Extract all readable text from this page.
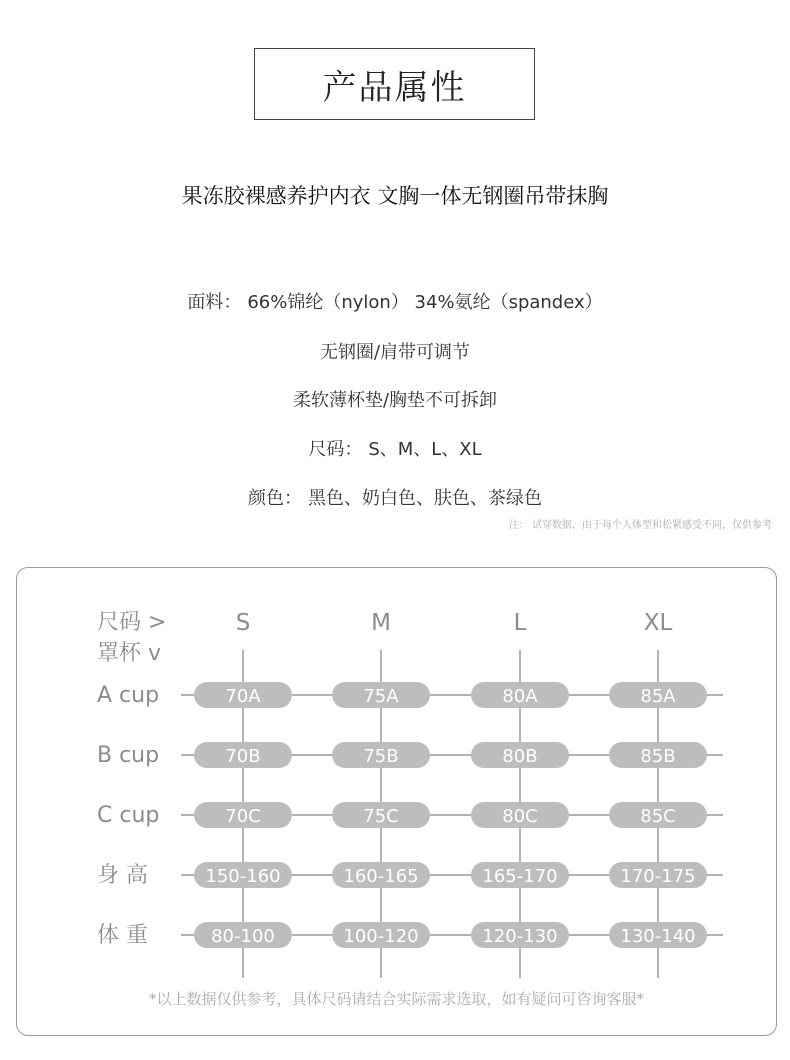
产品属性
果冻胶裸感养护内衣 文胸一体无钢圈吊带抹胸
面料： 66%锦纶（nylon） 34%氨纶（spandex）
无钢圈/肩带可调节
柔软薄杯垫/胸垫不可拆卸
尺码： S、M、L、XL
颜色： 黑色、奶白色、肤色、茶绿色
注： 试穿数据，由于每个人体型和松紧感受不同，仅供参考
尺码 >
罩杯 v
S	M	L	XL
A cup	70A	75A	80A	85A
B cup	70B	75B	80B	85B
C cup	70C	75C	80C	85C
身 高	150-160	160-165	165-170	170-175
体 重	80-100	100-120	120-130	130-140
*以上数据仅供参考，具体尺码请结合实际需求选取，如有疑问可咨询客服*
